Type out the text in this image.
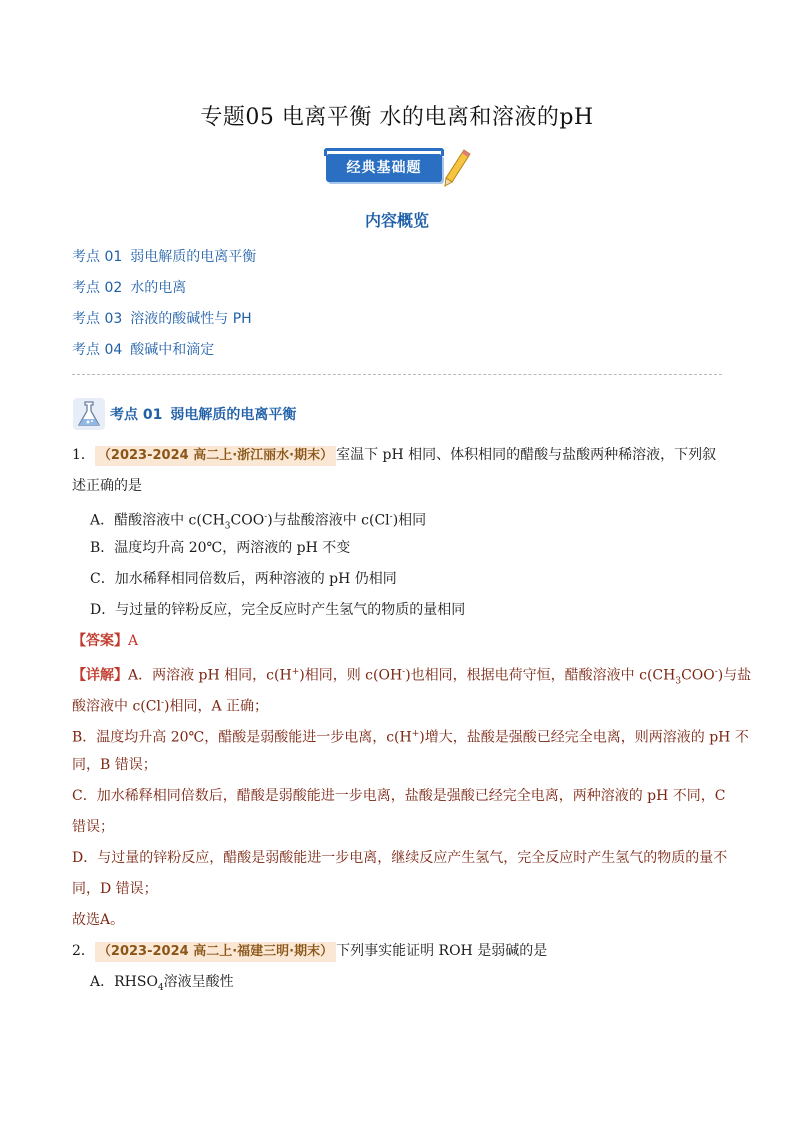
专题05 电离平衡 水的电离和溶液的pH
经典基础题
内容概览
考点 01 弱电解质的电离平衡
考点 02 水的电离
考点 03 溶液的酸碱性与 PH
考点 04 酸碱中和滴定
考点 01 弱电解质的电离平衡
1． （2023-2024 高二上·浙江丽水·期末） 室温下 pH 相同、体积相同的醋酸与盐酸两种稀溶液，下列叙
述正确的是
A．醋酸溶液中 $c(CH_3COO^-)$与盐酸溶液中 c(Cl-)相同
B．温度均升高 20℃，两溶液的 pH 不变
C．加水稀释相同倍数后，两种溶液的 pH 仍相同
D．与过量的锌粉反应，完全反应时产生氢气的物质的量相同
【答案】A
【详解】A．两溶液 pH 相同，c(H+)相同，则 c(OH-)也相同，根据电荷守恒，醋酸溶液中 $c(CH_3COO^-)$与盐
酸溶液中 c(Cl-)相同，A 正确；
B．温度均升高 20℃，醋酸是弱酸能进一步电离，c(H+)增大，盐酸是强酸已经完全电离，则两溶液的 pH 不
同，B 错误；
C．加水稀释相同倍数后，醋酸是弱酸能进一步电离，盐酸是强酸已经完全电离，两种溶液的 pH 不同，C
错误；
D．与过量的锌粉反应，醋酸是弱酸能进一步电离，继续反应产生氢气，完全反应时产生氢气的物质的量不
同，D 错误；
故选A。
2． （2023-2024 高二上·福建三明·期末） 下列事实能证明 ROH 是弱碱的是
A．$RHSO_4$溶液呈酸性
